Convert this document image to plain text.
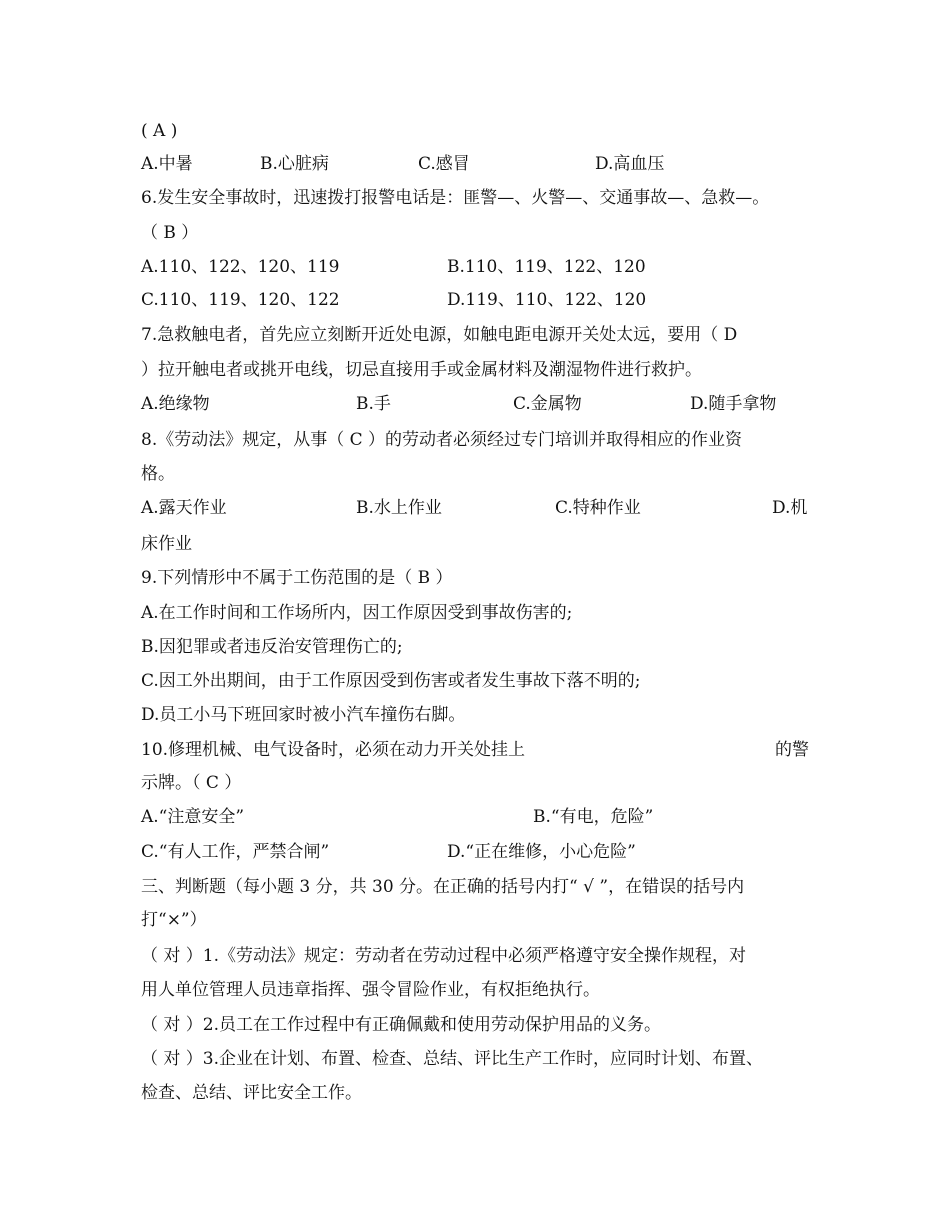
( A )
A.中暑	B.心脏病	C.感冒	D.高血压
6.发生安全事故时，迅速拨打报警电话是：匪警—、火警—、交通事故—、急救—。
（ B ）
A.110、122、120、119	B.110、119、122、120
C.110、119、120、122	D.119、110、122、120
7.急救触电者，首先应立刻断开近处电源，如触电距电源开关处太远，要用（ D
）拉开触电者或挑开电线，切忌直接用手或金属材料及潮湿物件进行救护。
A.绝缘物	B.手	C.金属物	D.随手拿物
8.《劳动法》规定，从事（ C ）的劳动者必须经过专门培训并取得相应的作业资
格。
A.露天作业	B.水上作业	C.特种作业	D.机
床作业
9.下列情形中不属于工伤范围的是（ B ）
A.在工作时间和工作场所内，因工作原因受到事故伤害的;
B.因犯罪或者违反治安管理伤亡的;
C.因工外出期间，由于工作原因受到伤害或者发生事故下落不明的;
D.员工小马下班回家时被小汽车撞伤右脚。
10.修理机械、电气设备时，必须在动力开关处挂上	的警
示牌。（ C ）
A.“注意安全”	B.“有电，危险”
C.“有人工作，严禁合闸”	D.“正在维修，小心危险”
三、判断题（每小题 3 分，共 30 分。在正确的括号内打“ √ ”，在错误的括号内
打“×”）
（ 对 ）1.《劳动法》规定：劳动者在劳动过程中必须严格遵守安全操作规程，对
用人单位管理人员违章指挥、强令冒险作业，有权拒绝执行。
（ 对 ）2.员工在工作过程中有正确佩戴和使用劳动保护用品的义务。
（ 对 ）3.企业在计划、布置、检查、总结、评比生产工作时，应同时计划、布置、
检查、总结、评比安全工作。
